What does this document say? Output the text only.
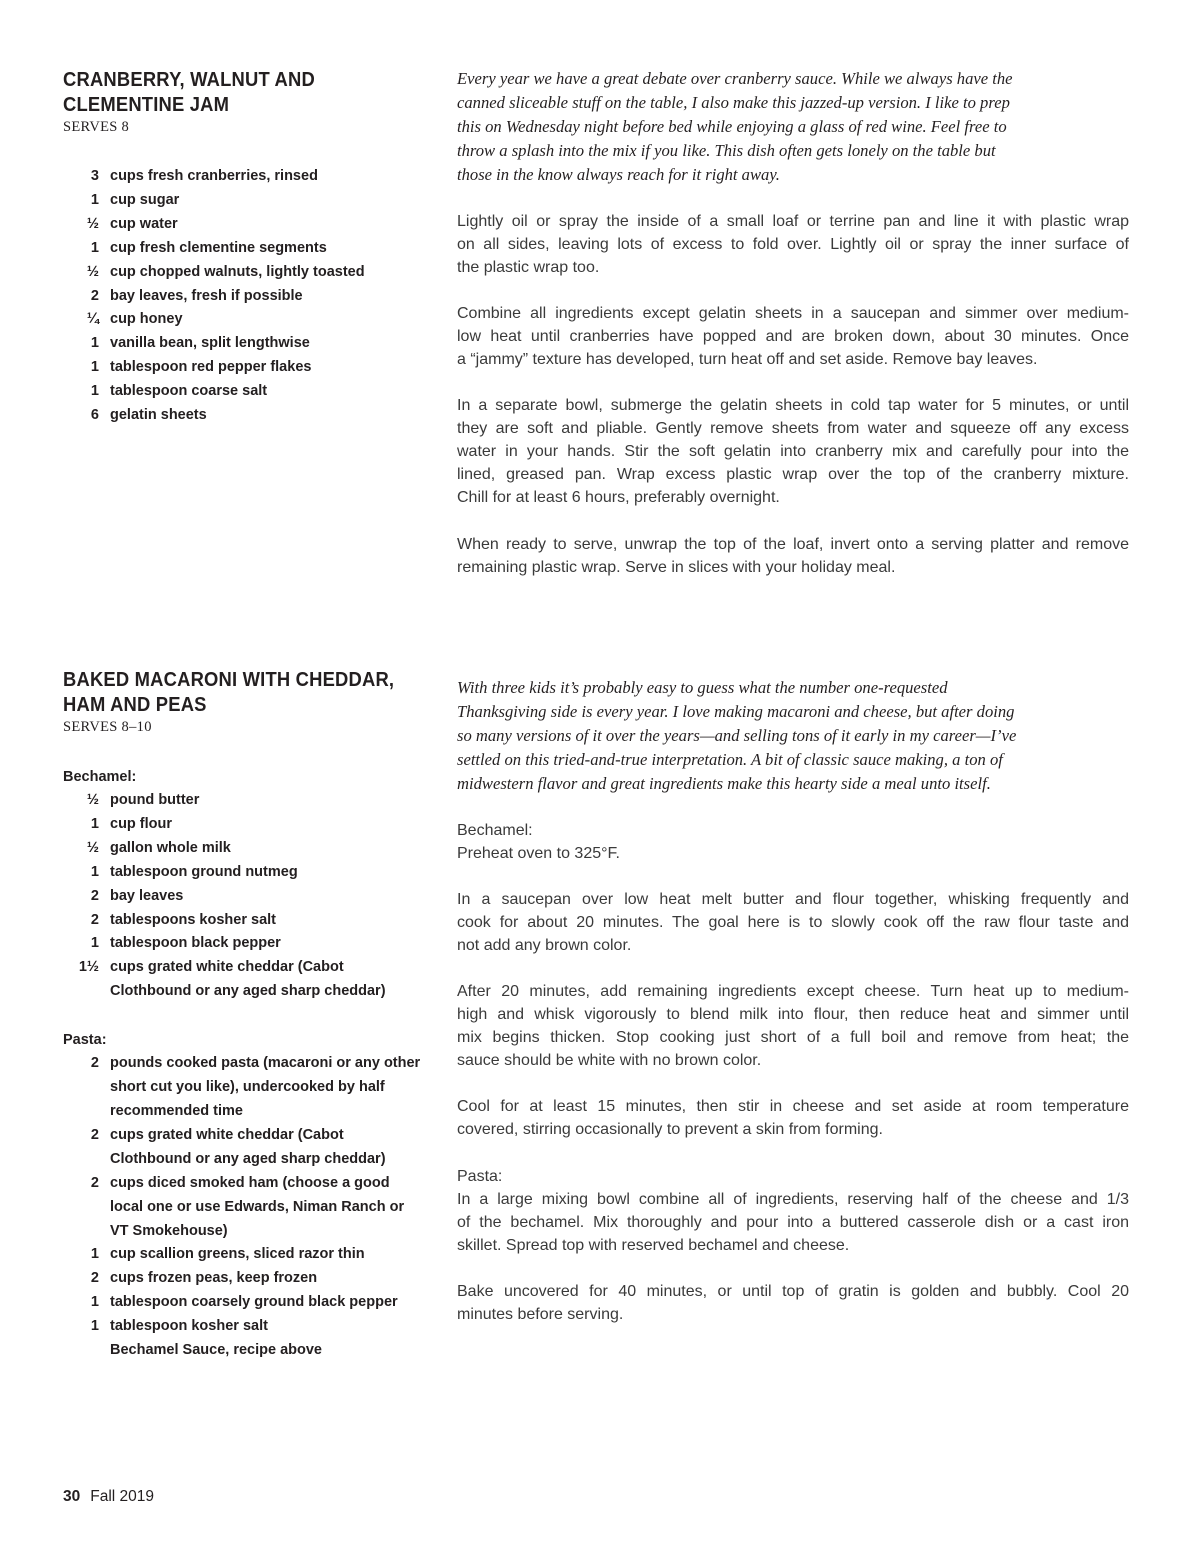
CRANBERRY, WALNUT AND
CLEMENTINE JAM
SERVES 8
3 cups fresh cranberries, rinsed
1 cup sugar
½ cup water
1 cup fresh clementine segments
½ cup chopped walnuts, lightly toasted
2 bay leaves, fresh if possible
¼ cup honey
1 vanilla bean, split lengthwise
1 tablespoon red pepper flakes
1 tablespoon coarse salt
6 gelatin sheets

Every year we have a great debate over cranberry sauce. While we always have the
canned sliceable stuff on the table, I also make this jazzed-up version. I like to prep
this on Wednesday night before bed while enjoying a glass of red wine. Feel free to
throw a splash into the mix if you like. This dish often gets lonely on the table but
those in the know always reach for it right away.

Lightly oil or spray the inside of a small loaf or terrine pan and line it with plastic wrap
on all sides, leaving lots of excess to fold over. Lightly oil or spray the inner surface of
the plastic wrap too.

Combine all ingredients except gelatin sheets in a saucepan and simmer over medium-
low heat until cranberries have popped and are broken down, about 30 minutes. Once
a “jammy” texture has developed, turn heat off and set aside. Remove bay leaves.

In a separate bowl, submerge the gelatin sheets in cold tap water for 5 minutes, or until
they are soft and pliable. Gently remove sheets from water and squeeze off any excess
water in your hands. Stir the soft gelatin into cranberry mix and carefully pour into the
lined, greased pan. Wrap excess plastic wrap over the top of the cranberry mixture.
Chill for at least 6 hours, preferably overnight.

When ready to serve, unwrap the top of the loaf, invert onto a serving platter and remove
remaining plastic wrap. Serve in slices with your holiday meal.

BAKED MACARONI WITH CHEDDAR,
HAM AND PEAS
SERVES 8–10
Bechamel:
½ pound butter
1 cup flour
½ gallon whole milk
1 tablespoon ground nutmeg
2 bay leaves
2 tablespoons kosher salt
1 tablespoon black pepper
1½ cups grated white cheddar (Cabot Clothbound or any aged sharp cheddar)
Pasta:
2 pounds cooked pasta (macaroni or any other short cut you like), undercooked by half recommended time
2 cups grated white cheddar (Cabot Clothbound or any aged sharp cheddar)
2 cups diced smoked ham (choose a good local one or use Edwards, Niman Ranch or VT Smokehouse)
1 cup scallion greens, sliced razor thin
2 cups frozen peas, keep frozen
1 tablespoon coarsely ground black pepper
1 tablespoon kosher salt
Bechamel Sauce, recipe above

With three kids it’s probably easy to guess what the number one-requested
Thanksgiving side is every year. I love making macaroni and cheese, but after doing
so many versions of it over the years—and selling tons of it early in my career—I’ve
settled on this tried-and-true interpretation. A bit of classic sauce making, a ton of
midwestern flavor and great ingredients make this hearty side a meal unto itself.

Bechamel:
Preheat oven to 325°F.

In a saucepan over low heat melt butter and flour together, whisking frequently and
cook for about 20 minutes. The goal here is to slowly cook off the raw flour taste and
not add any brown color.

After 20 minutes, add remaining ingredients except cheese. Turn heat up to medium-
high and whisk vigorously to blend milk into flour, then reduce heat and simmer until
mix begins thicken. Stop cooking just short of a full boil and remove from heat; the
sauce should be white with no brown color.

Cool for at least 15 minutes, then stir in cheese and set aside at room temperature
covered, stirring occasionally to prevent a skin from forming.

Pasta:
In a large mixing bowl combine all of ingredients, reserving half of the cheese and 1/3
of the bechamel. Mix thoroughly and pour into a buttered casserole dish or a cast iron
skillet. Spread top with reserved bechamel and cheese.

Bake uncovered for 40 minutes, or until top of gratin is golden and bubbly. Cool 20
minutes before serving.

30 Fall 2019
